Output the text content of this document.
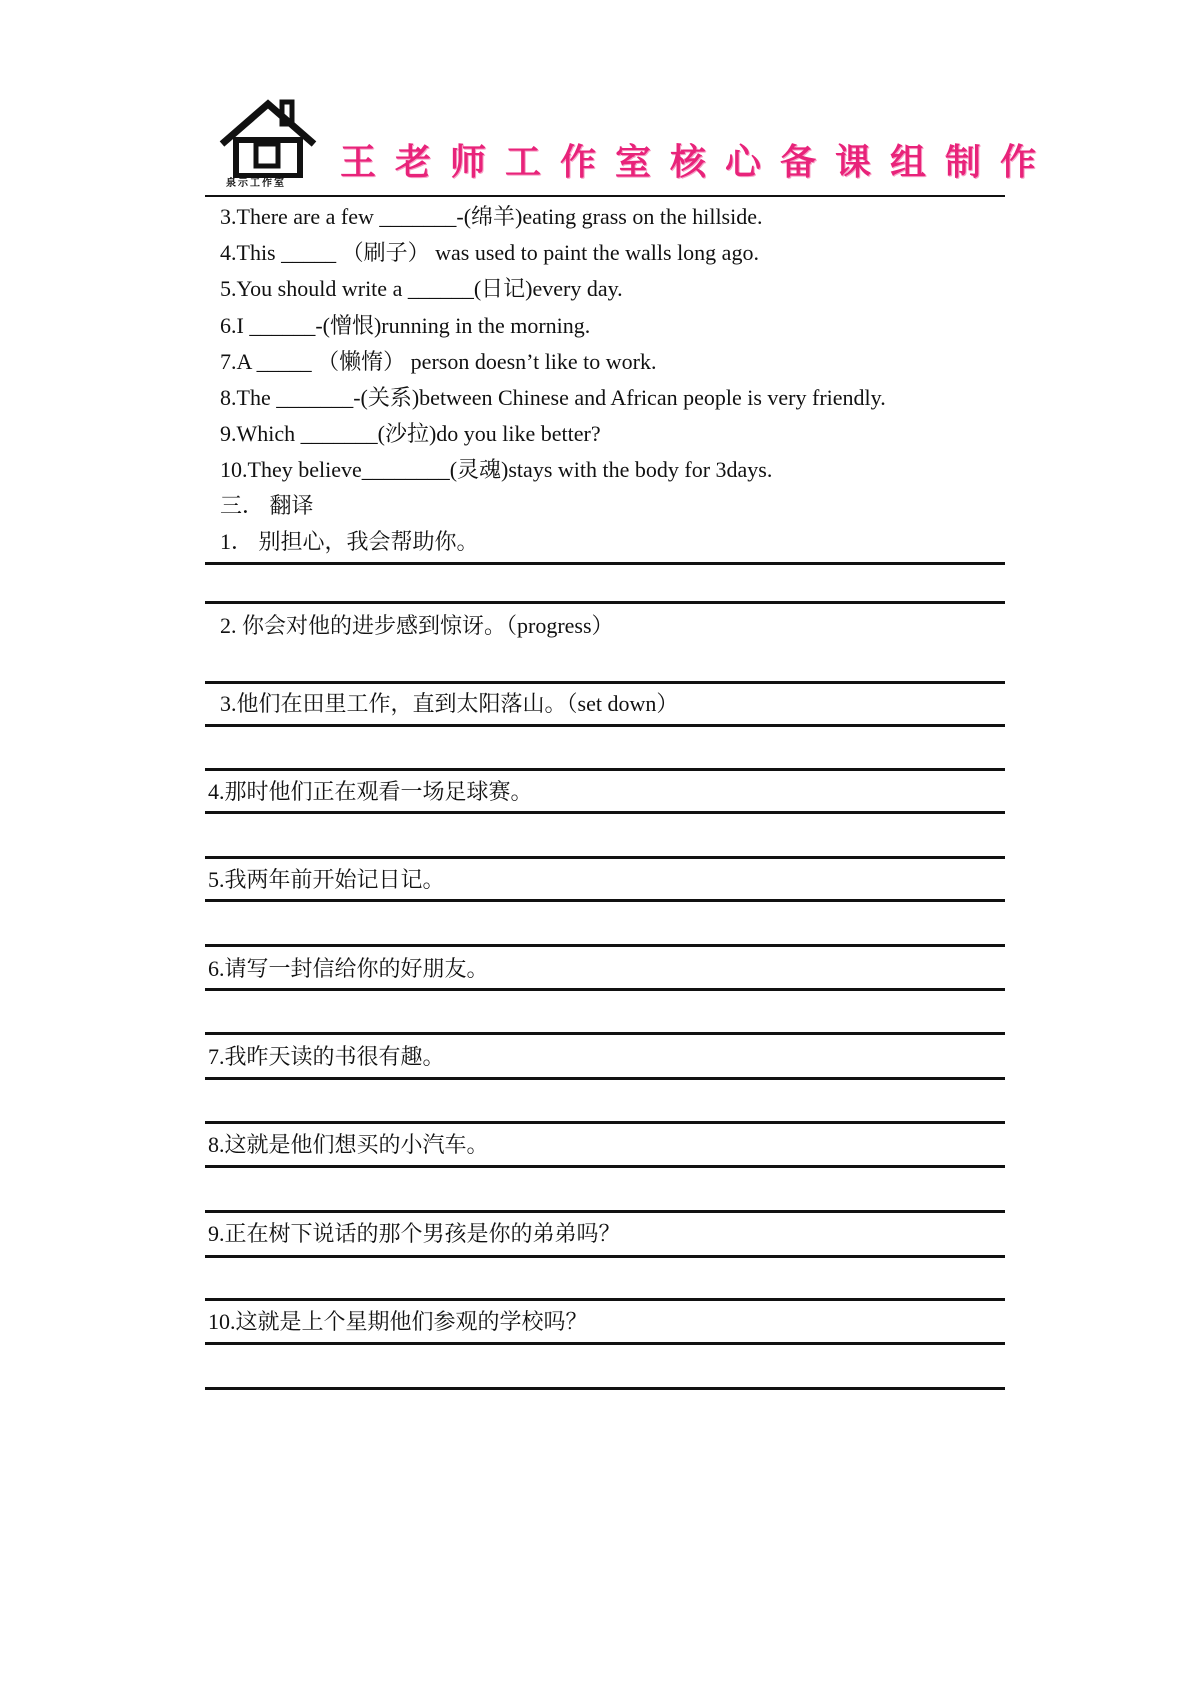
泉示工作室
王老师工作室核心备课组制作
3.There are a few _______-(绵羊)eating grass on the hillside.
4.This _____ （刷子） was used to paint the walls long ago.
5.You should write a ______(日记)every day.
6.I ______-(憎恨)running in the morning.
7.A _____ （懒惰） person doesn’t like to work.
8.The _______-(关系)between Chinese and African people is very friendly.
9.Which _______(沙拉)do you like better?
10.They believe________(灵魂)stays with the body for 3days.
三． 翻译
1． 别担心，我会帮助你。
2. 你会对他的进步感到惊讶。（progress）
3.他们在田里工作，直到太阳落山。（set down）
4.那时他们正在观看一场足球赛。
5.我两年前开始记日记。
6.请写一封信给你的好朋友。
7.我昨天读的书很有趣。
8.这就是他们想买的小汽车。
9.正在树下说话的那个男孩是你的弟弟吗？
10.这就是上个星期他们参观的学校吗？
